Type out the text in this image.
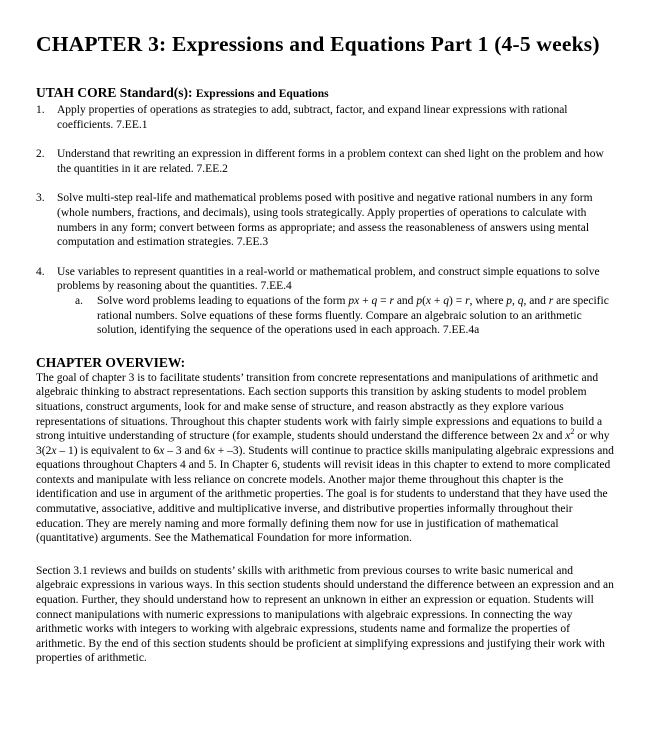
CHAPTER 3: Expressions and Equations Part 1 (4-5 weeks)
UTAH CORE Standard(s): Expressions and Equations
1.	Apply properties of operations as strategies to add, subtract, factor, and expand linear expressions with rational coefficients. 7.EE.1
2.	Understand that rewriting an expression in different forms in a problem context can shed light on the problem and how the quantities in it are related. 7.EE.2
3.	Solve multi-step real-life and mathematical problems posed with positive and negative rational numbers in any form (whole numbers, fractions, and decimals), using tools strategically. Apply properties of operations to calculate with numbers in any form; convert between forms as appropriate; and assess the reasonableness of answers using mental computation and estimation strategies. 7.EE.3
4.	Use variables to represent quantities in a real-world or mathematical problem, and construct simple equations to solve problems by reasoning about the quantities. 7.EE.4
a.	Solve word problems leading to equations of the form px + q = r and p(x + q) = r, where p, q, and r are specific rational numbers. Solve equations of these forms fluently. Compare an algebraic solution to an arithmetic solution, identifying the sequence of the operations used in each approach. 7.EE.4a
CHAPTER OVERVIEW:

The goal of chapter 3 is to facilitate students’ transition from concrete representations and manipulations of arithmetic and algebraic thinking to abstract representations. Each section supports this transition by asking students to model problem situations, construct arguments, look for and make sense of structure, and reason abstractly as they explore various representations of situations. Throughout this chapter students work with fairly simple expressions and equations to build a strong intuitive understanding of structure (for example, students should understand the difference between 2x and $x^2$ or why 3(2x – 1) is equivalent to 6x – 3 and 6x + –3). Students will continue to practice skills manipulating algebraic expressions and equations throughout Chapters 4 and 5. In Chapter 6, students will revisit ideas in this chapter to extend to more complicated contexts and manipulate with less reliance on concrete models. Another major theme throughout this chapter is the identification and use in argument of the arithmetic properties. The goal is for students to understand that they have used the commutative, associative, additive and multiplicative inverse, and distributive properties informally throughout their education. They are merely naming and more formally defining them now for use in justification of mathematical (quantitative) arguments. See the Mathematical Foundation for more information.

Section 3.1 reviews and builds on students’ skills with arithmetic from previous courses to write basic numerical and algebraic expressions in various ways. In this section students should understand the difference between an expression and an equation. Further, they should understand how to represent an unknown in either an expression or equation. Students will connect manipulations with numeric expressions to manipulations with algebraic expressions. In connecting the way arithmetic works with integers to working with algebraic expressions, students name and formalize the properties of arithmetic. By the end of this section students should be proficient at simplifying expressions and justifying their work with properties of arithmetic.
